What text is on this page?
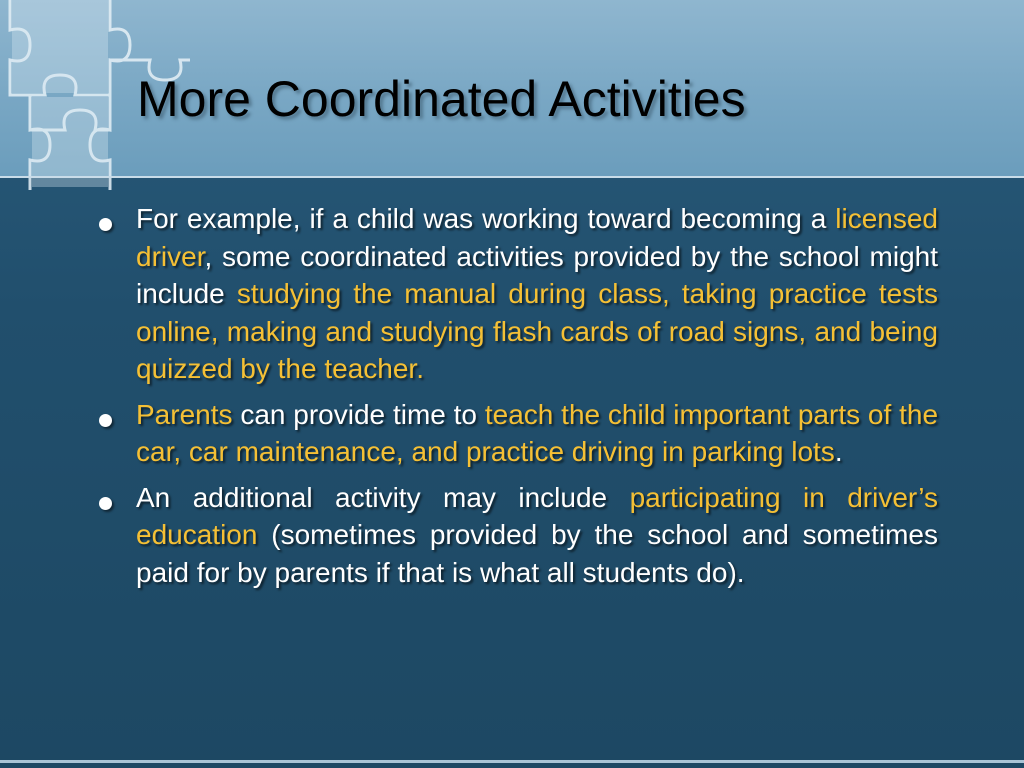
More Coordinated Activities
For example, if a child was working toward becoming a licensed driver, some coordinated activities provided by the school might include studying the manual during class, taking practice tests online, making and studying flash cards of road signs, and being quizzed by the teacher.
Parents can provide time to teach the child important parts of the car, car maintenance, and practice driving in parking lots.
An additional activity may include participating in driver’s education (sometimes provided by the school and sometimes paid for by parents if that is what all students do).
